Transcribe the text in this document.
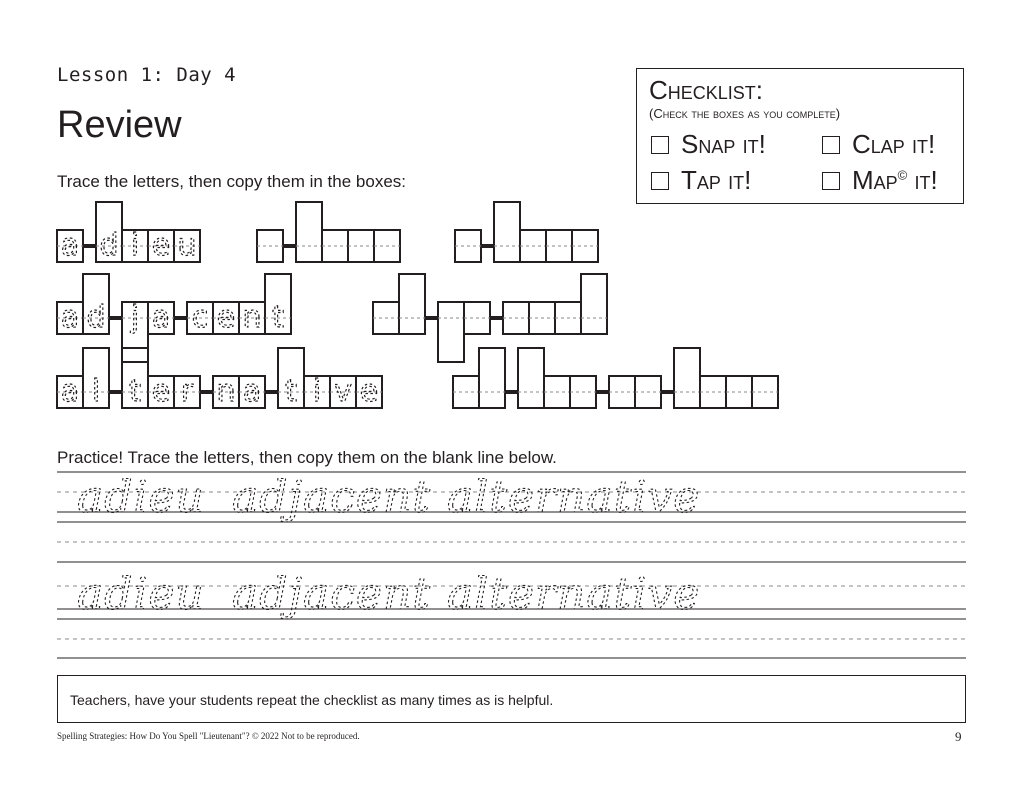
Lesson 1: Day 4
Review
Trace the letters, then copy them in the boxes:
Checklist:
(Check the boxes as you complete)
Snap it!	Clap it!
Tap it!	Map© it!
a d i e u
a d j a c e n t
a l t e r n a t i v e
Practice! Trace the letters, then copy them on the blank line below.
adieu adjacent alternative
adieu adjacent alternative
Teachers, have your students repeat the checklist as many times as is helpful.
Spelling Strategies: How Do You Spell "Lieutenant"? © 2022 Not to be reproduced.	9
